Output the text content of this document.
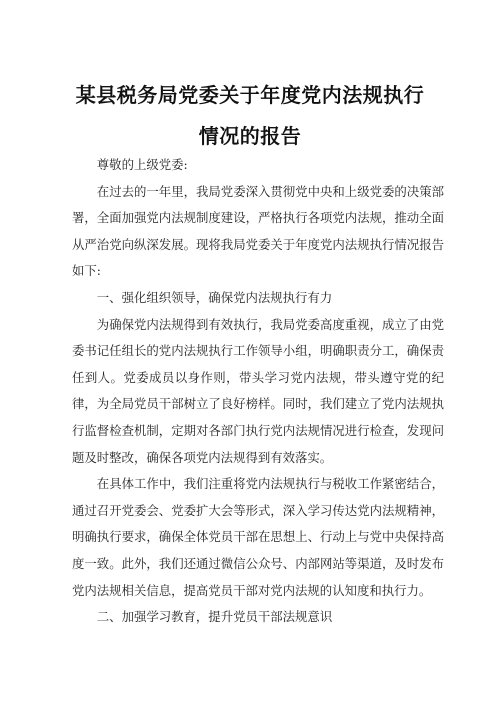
某县税务局党委关于年度党内法规执行
情况的报告

尊敬的上级党委:

在过去的一年里，我局党委深入贯彻党中央和上级党委的决策部署，全面加强党内法规制度建设，严格执行各项党内法规，推动全面从严治党向纵深发展。现将我局党委关于年度党内法规执行情况报告如下:

一、强化组织领导，确保党内法规执行有力

为确保党内法规得到有效执行，我局党委高度重视，成立了由党委书记任组长的党内法规执行工作领导小组，明确职责分工，确保责任到人。党委成员以身作则，带头学习党内法规，带头遵守党的纪律，为全局党员干部树立了良好榜样。同时，我们建立了党内法规执行监督检查机制，定期对各部门执行党内法规情况进行检查，发现问题及时整改，确保各项党内法规得到有效落实。

在具体工作中，我们注重将党内法规执行与税收工作紧密结合，通过召开党委会、党委扩大会等形式，深入学习传达党内法规精神，明确执行要求，确保全体党员干部在思想上、行动上与党中央保持高度一致。此外，我们还通过微信公众号、内部网站等渠道，及时发布党内法规相关信息，提高党员干部对党内法规的认知度和执行力。

二、加强学习教育，提升党员干部法规意识
